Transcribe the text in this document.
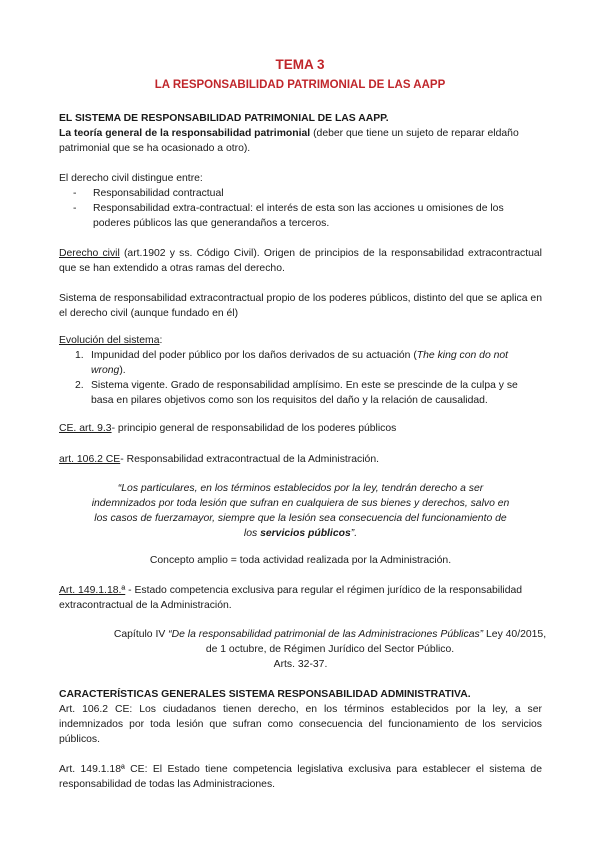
TEMA 3
LA RESPONSABILIDAD PATRIMONIAL DE LAS AAPP
EL SISTEMA DE RESPONSABILIDAD PATRIMONIAL DE LAS AAPP.
La teoría general de la responsabilidad patrimonial (deber que tiene un sujeto de reparar eldaño patrimonial que se ha ocasionado a otro).
El derecho civil distingue entre:
-	Responsabilidad contractual
-	Responsabilidad extra-contractual: el interés de esta son las acciones u omisiones de los poderes públicos las que generandaños a terceros.
Derecho civil (art.1902 y ss. Código Civil). Origen de principios de la responsabilidad extracontractual que se han extendido a otras ramas del derecho.
Sistema de responsabilidad extracontractual propio de los poderes públicos, distinto del que se aplica en el derecho civil (aunque fundado en él)
Evolución del sistema:
1. Impunidad del poder público por los daños derivados de su actuación (The king con do not wrong).
2. Sistema vigente. Grado de responsabilidad amplísimo. En este se prescinde de la culpa y se basa en pilares objetivos como son los requisitos del daño y la relación de causalidad.
CE. art. 9.3- principio general de responsabilidad de los poderes públicos
art. 106.2 CE- Responsabilidad extracontractual de la Administración.
“Los particulares, en los términos establecidos por la ley, tendrán derecho a ser indemnizados por toda lesión que sufran en cualquiera de sus bienes y derechos, salvo en los casos de fuerzamayor, siempre que la lesión sea consecuencia del funcionamiento de los servicios públicos”.
Concepto amplio = toda actividad realizada por la Administración.
Art. 149.1.18.ª - Estado competencia exclusiva para regular el régimen jurídico de la responsabilidad extracontractual de la Administración.
Capítulo IV “De la responsabilidad patrimonial de las Administraciones Públicas” Ley 40/2015, de 1 octubre, de Régimen Jurídico del Sector Público.
Arts. 32-37.
CARACTERÍSTICAS GENERALES SISTEMA RESPONSABILIDAD ADMINISTRATIVA.
Art. 106.2 CE: Los ciudadanos tienen derecho, en los términos establecidos por la ley, a ser indemnizados por toda lesión que sufran como consecuencia del funcionamiento de los servicios públicos.
Art. 149.1.18ª CE: El Estado tiene competencia legislativa exclusiva para establecer el sistema de responsabilidad de todas las Administraciones.
